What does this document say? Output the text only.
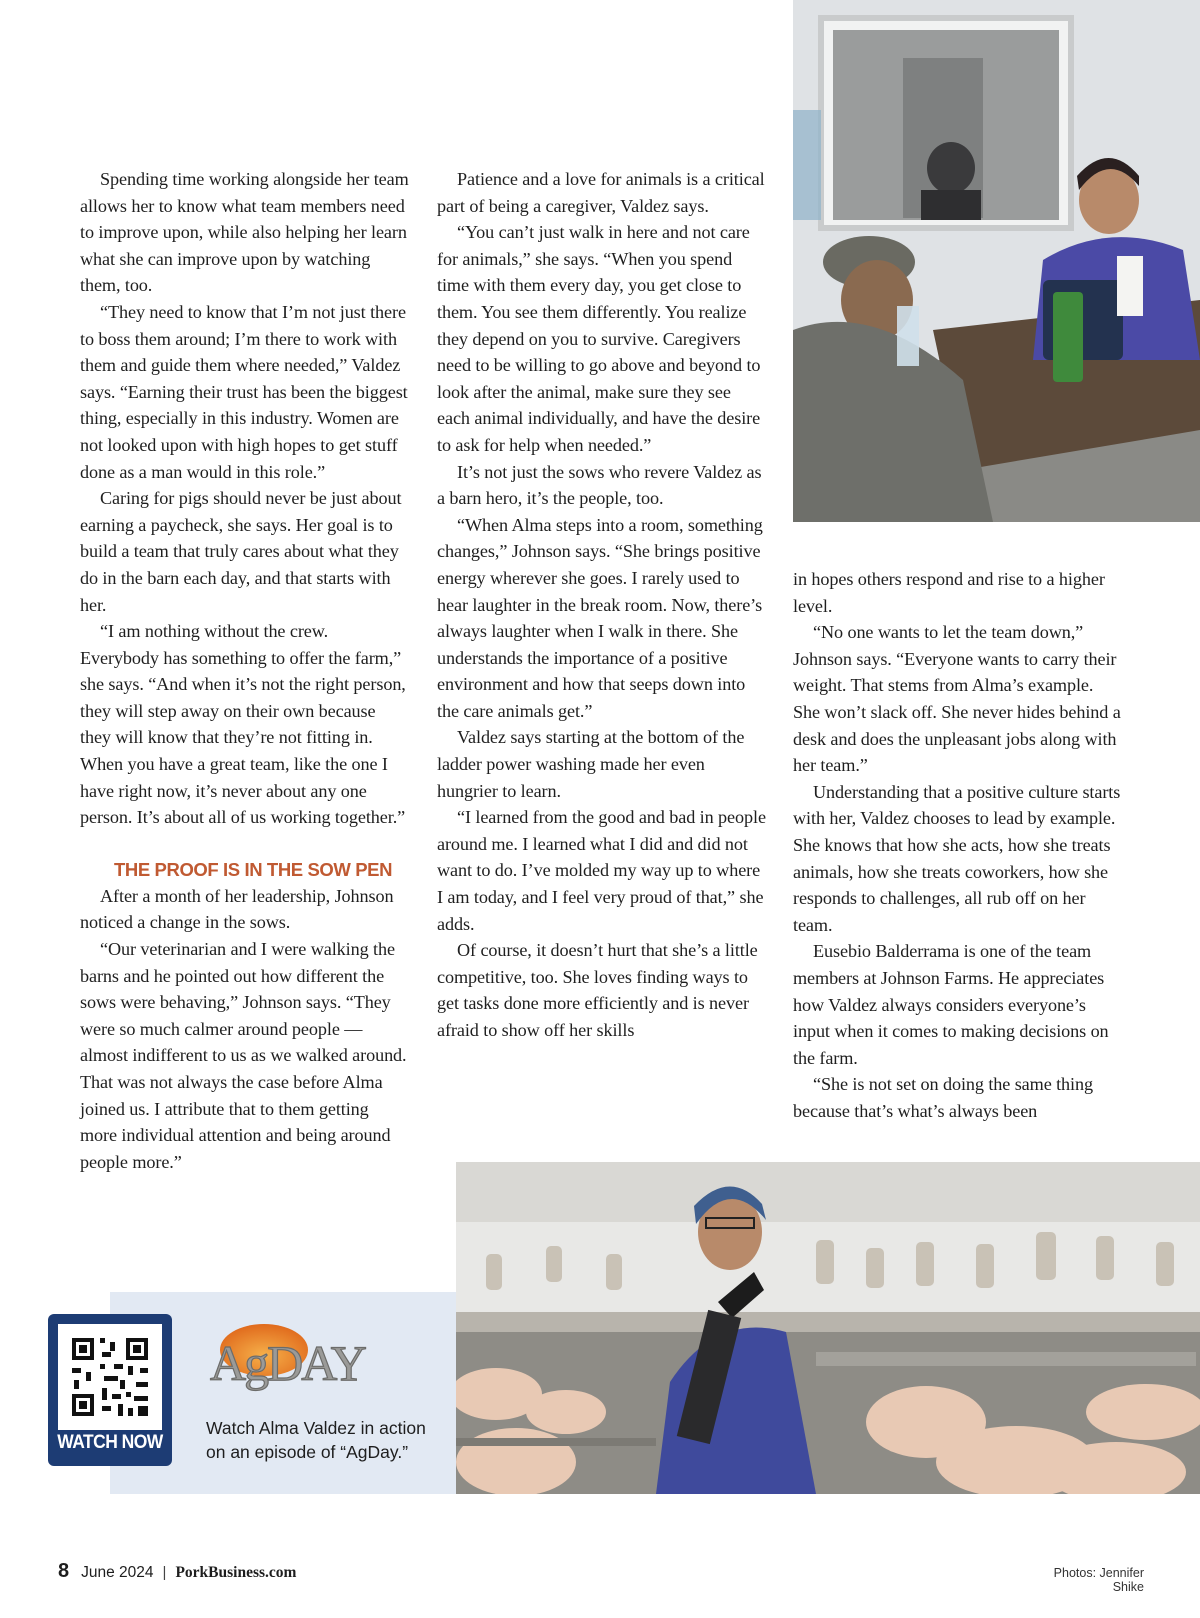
Spending time working alongside her team allows her to know what team members need to improve upon, while also helping her learn what she can improve upon by watching them, too.

“They need to know that I’m not just there to boss them around; I’m there to work with them and guide them where needed,” Valdez says. “Earning their trust has been the biggest thing, especially in this industry. Women are not looked upon with high hopes to get stuff done as a man would in this role.”

Caring for pigs should never be just about earning a paycheck, she says. Her goal is to build a team that truly cares about what they do in the barn each day, and that starts with her.

“I am nothing without the crew. Everybody has something to offer the farm,” she says. “And when it’s not the right person, they will step away on their own because they will know that they’re not fitting in. When you have a great team, like the one I have right now, it’s never about any one person. It’s about all of us working together.”

THE PROOF IS IN THE SOW PEN

After a month of her leadership, Johnson noticed a change in the sows.

“Our veterinarian and I were walking the barns and he pointed out how different the sows were behaving,” Johnson says. “They were so much calmer around people — almost indifferent to us as we walked around. That was not always the case before Alma joined us. I attribute that to them getting more individual attention and being around people more.”

Patience and a love for animals is a critical part of being a caregiver, Valdez says.

“You can’t just walk in here and not care for animals,” she says. “When you spend time with them every day, you get close to them. You see them differently. You realize they depend on you to survive. Caregivers need to be willing to go above and beyond to look after the animal, make sure they see each animal individually, and have the desire to ask for help when needed.”

It’s not just the sows who revere Valdez as a barn hero, it’s the people, too.

“When Alma steps into a room, something changes,” Johnson says. “She brings positive energy wherever she goes. I rarely used to hear laughter in the break room. Now, there’s always laughter when I walk in there. She understands the importance of a positive environment and how that seeps down into the care animals get.”

Valdez says starting at the bottom of the ladder power washing made her even hungrier to learn.

“I learned from the good and bad in people around me. I learned what I did and did not want to do. I’ve molded my way up to where I am today, and I feel very proud of that,” she adds.

Of course, it doesn’t hurt that she’s a little competitive, too. She loves finding ways to get tasks done more efficiently and is never afraid to show off her skills

in hopes others respond and rise to a higher level.

“No one wants to let the team down,” Johnson says. “Everyone wants to carry their weight. That stems from Alma’s example. She won’t slack off. She never hides behind a desk and does the unpleasant jobs along with her team.”

Understanding that a positive culture starts with her, Valdez chooses to lead by example. She knows that how she acts, how she treats animals, how she treats coworkers, how she responds to challenges, all rub off on her team.

Eusebio Balderrama is one of the team members at Johnson Farms. He appreciates how Valdez always considers everyone’s input when it comes to making decisions on the farm.

“She is not set on doing the same thing because that’s what’s always been

WATCH NOW
AgDAY
Watch Alma Valdez in action
on an episode of “AgDay.”
8 June 2024 | PorkBusiness.com	Photos: Jennifer Shike
